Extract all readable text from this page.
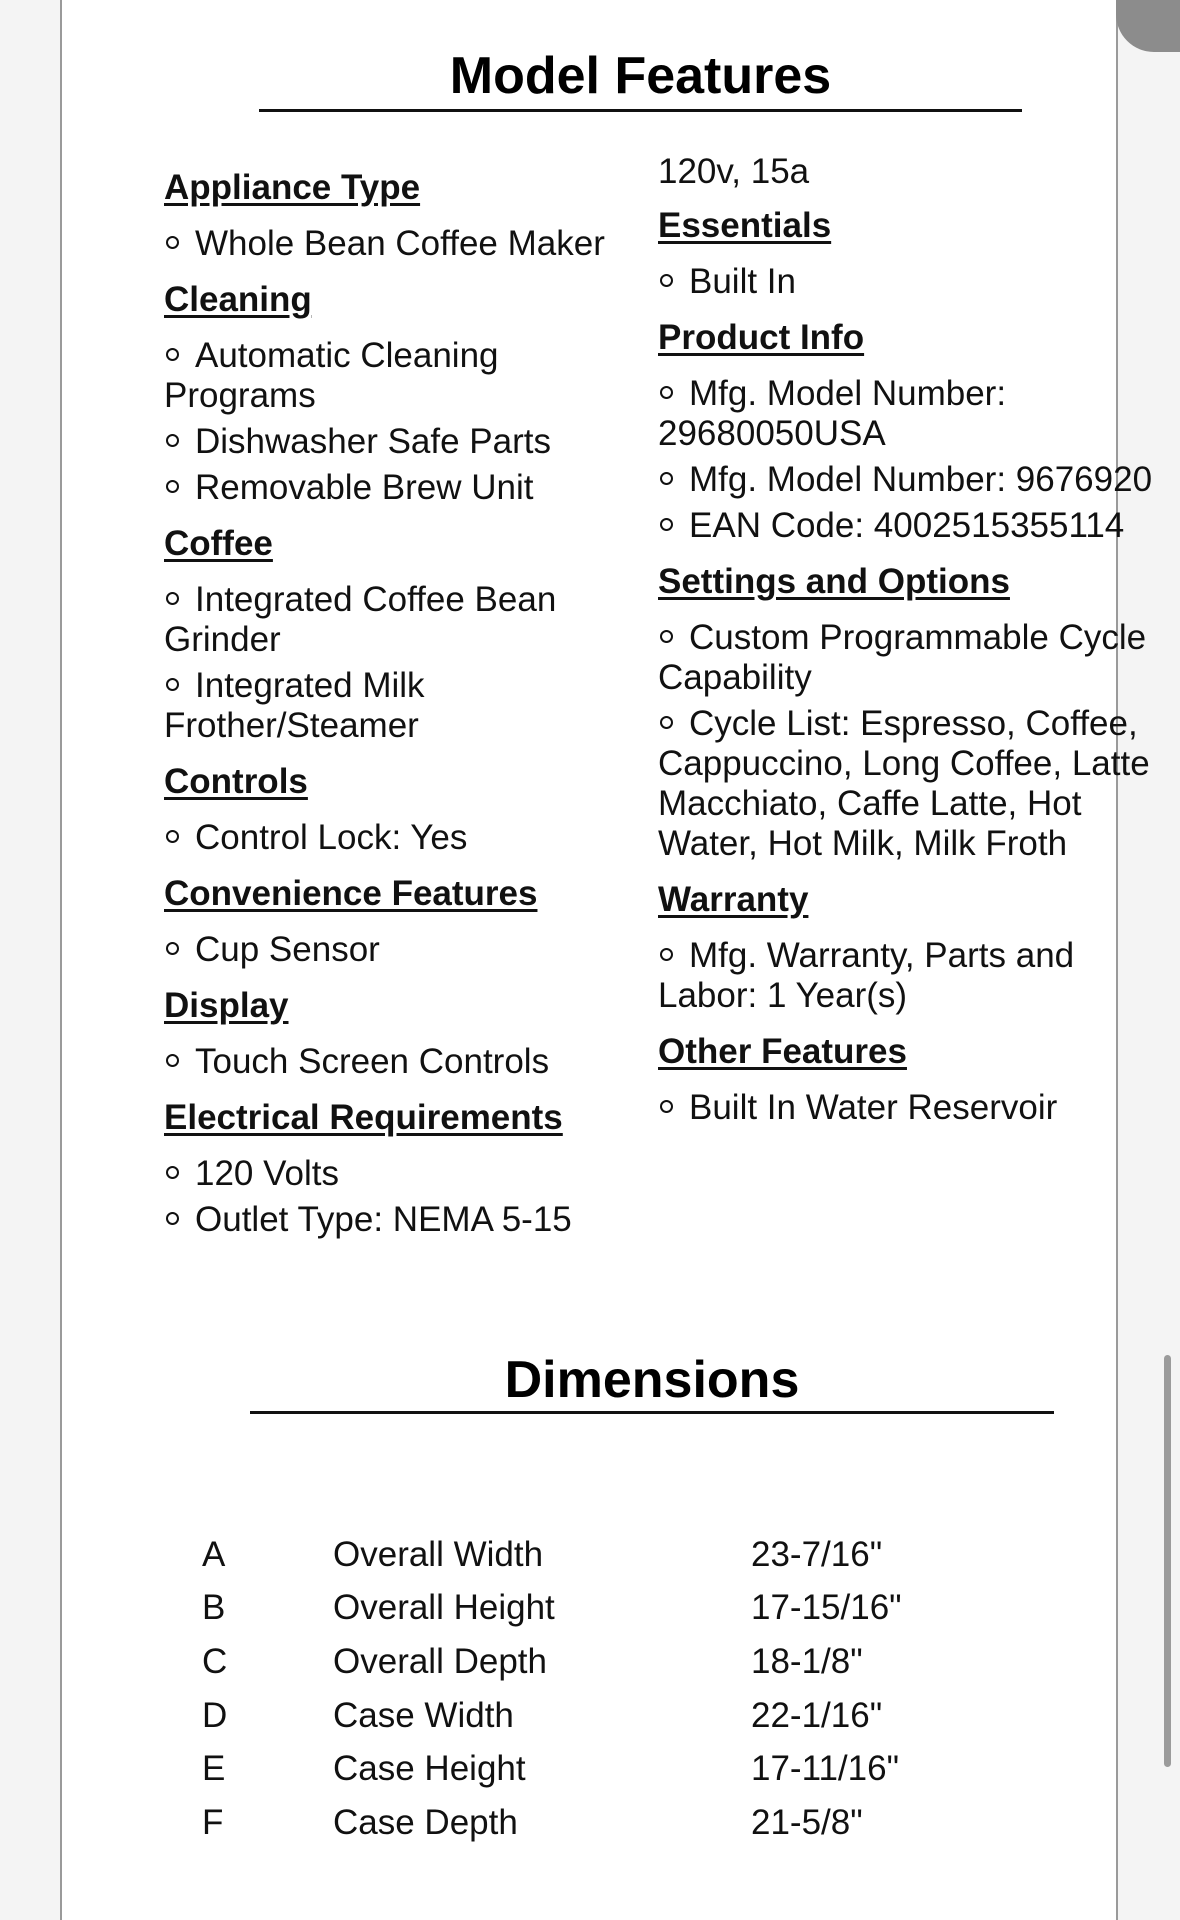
Model Features
Appliance Type
Whole Bean Coffee Maker
Cleaning
Automatic Cleaning Programs
Dishwasher Safe Parts
Removable Brew Unit
Coffee
Integrated Coffee Bean Grinder
Integrated Milk Frother/Steamer
Controls
Control Lock: Yes
Convenience Features
Cup Sensor
Display
Touch Screen Controls
Electrical Requirements
120 Volts
Outlet Type: NEMA 5-15
120v, 15a
Essentials
Built In
Product Info
Mfg. Model Number: 29680050USA
Mfg. Model Number: 9676920
EAN Code: 4002515355114
Settings and Options
Custom Programmable Cycle Capability
Cycle List: Espresso, Coffee, Cappuccino, Long Coffee, Latte Macchiato, Caffe Latte, Hot Water, Hot Milk, Milk Froth
Warranty
Mfg. Warranty, Parts and Labor: 1 Year(s)
Other Features
Built In Water Reservoir
Dimensions
A	Overall Width	23-7/16"
B	Overall Height	17-15/16"
C	Overall Depth	18-1/8"
D	Case Width	22-1/16"
E	Case Height	17-11/16"
F	Case Depth	21-5/8"
